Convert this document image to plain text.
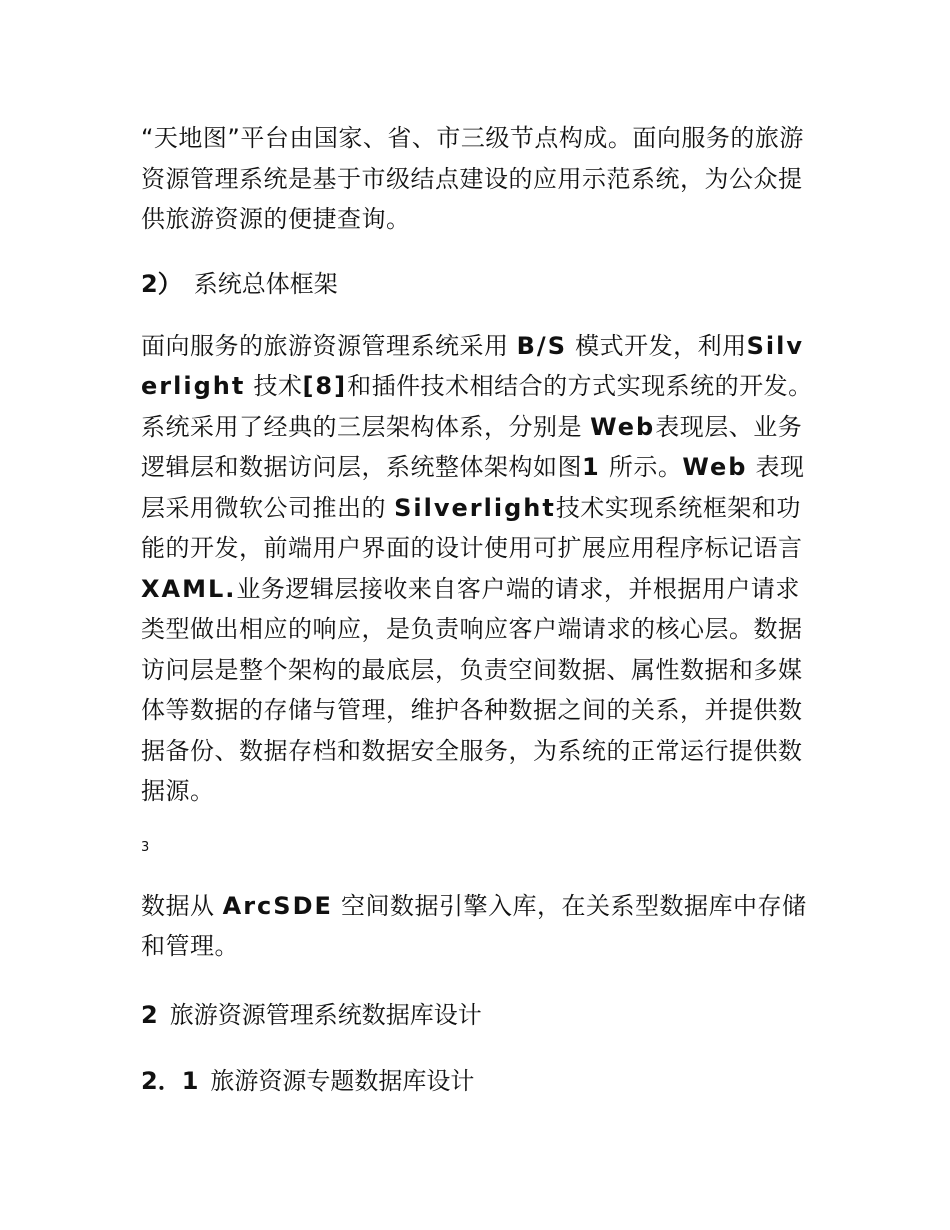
“天地图”平台由国家、省、市三级节点构成。面向服务的旅游资源管理系统是基于市级结点建设的应用示范系统，为公众提供旅游资源的便捷查询。

2） 系统总体框架

面向服务的旅游资源管理系统采用 B/S 模式开发，利用Silverlight 技术[8]和插件技术相结合的方式实现系统的开发。系统采用了经典的三层架构体系，分别是 Web表现层、业务逻辑层和数据访问层，系统整体架构如图1 所示。Web 表现层采用微软公司推出的 Silverlight技术实现系统框架和功能的开发，前端用户界面的设计使用可扩展应用程序标记语言 XAML.业务逻辑层接收来自客户端的请求，并根据用户请求类型做出相应的响应，是负责响应客户端请求的核心层。数据访问层是整个架构的最底层，负责空间数据、属性数据和多媒体等数据的存储与管理，维护各种数据之间的关系，并提供数据备份、数据存档和数据安全服务，为系统的正常运行提供数据源。

3

数据从 ArcSDE 空间数据引擎入库，在关系型数据库中存储和管理。

2 旅游资源管理系统数据库设计

2．1 旅游资源专题数据库设计
